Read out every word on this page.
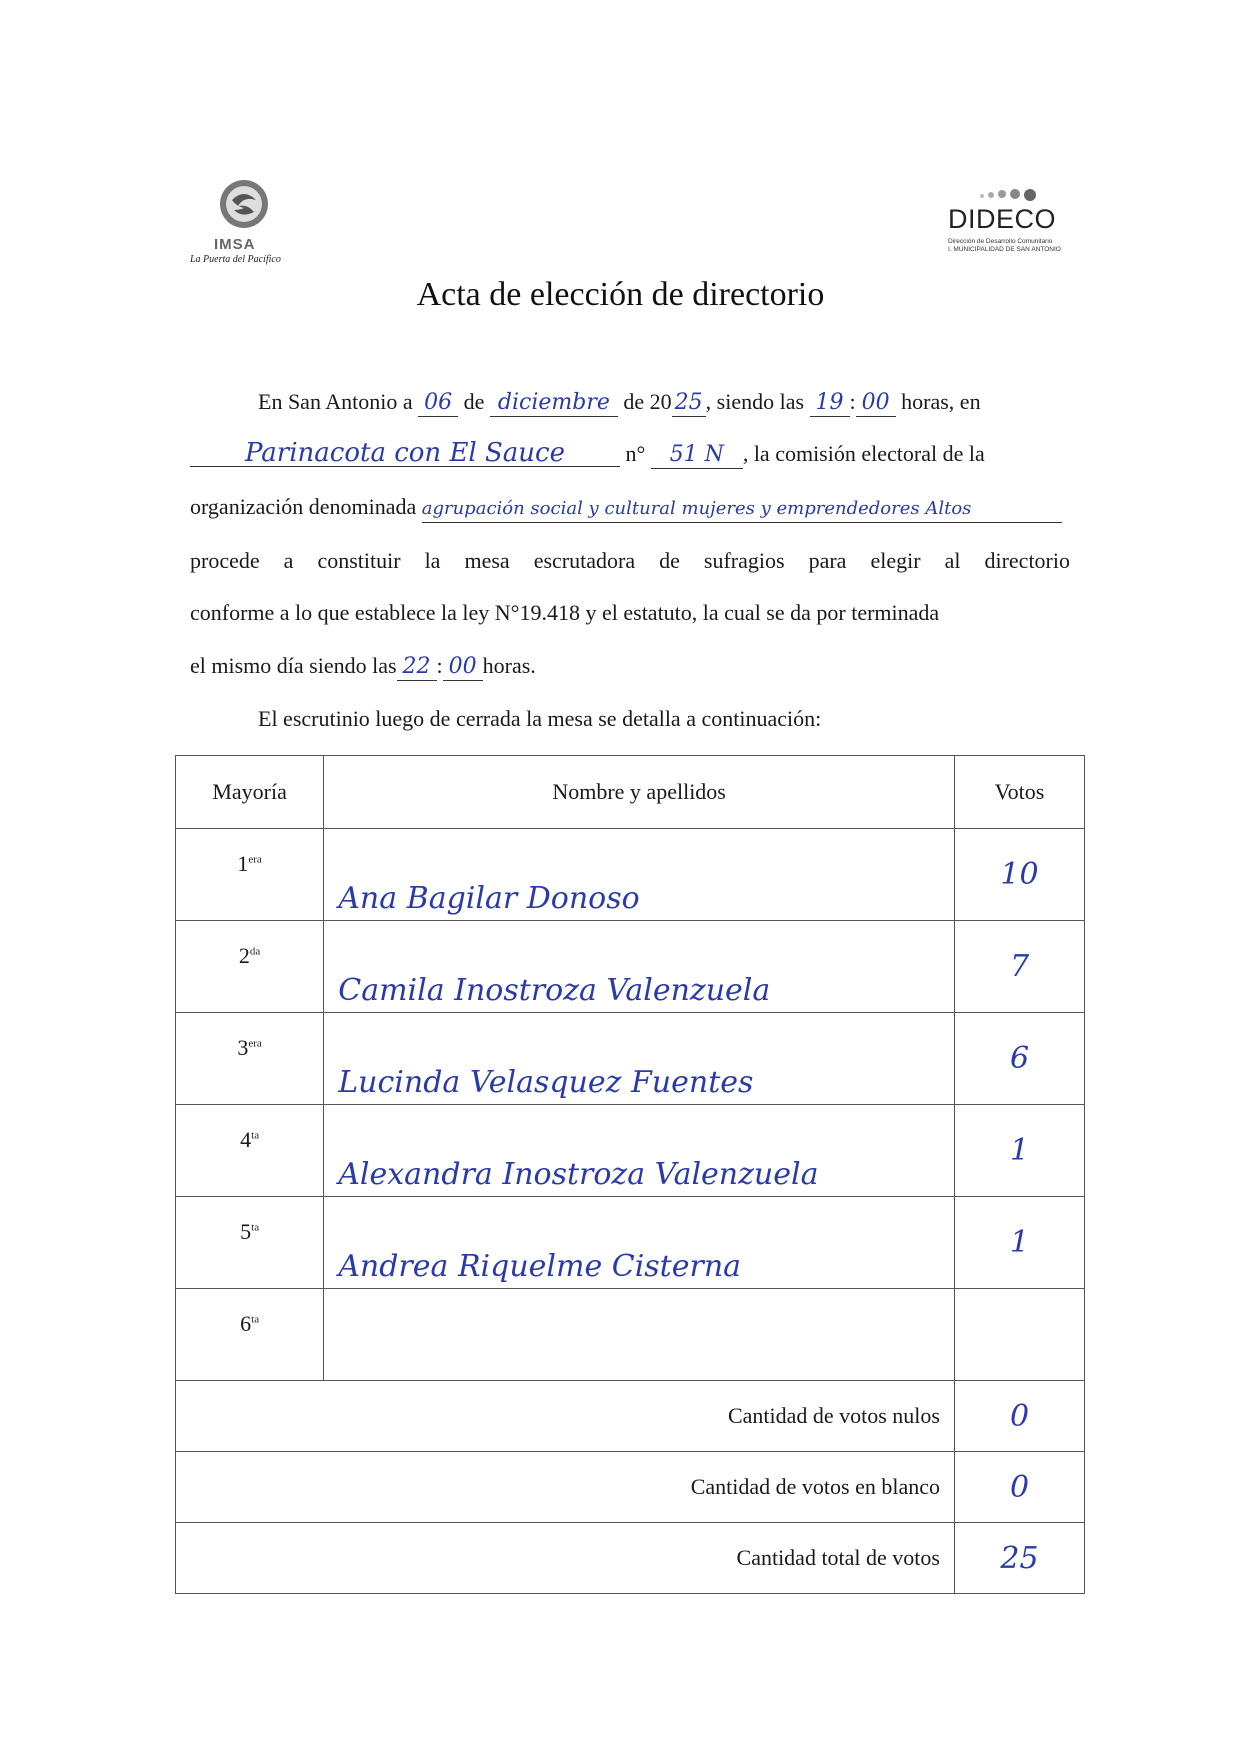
IMSA
La Puerta del Pacífico
DIDECO
Dirección de Desarrollo Comunitario
I. MUNICIPALIDAD DE SAN ANTONIO
Acta de elección de directorio
En San Antonio a 06 de diciembre de 20 25 , siendo las 19 : 00 horas, en
Parinacota con El Sauce	n° 51 N , la comisión electoral de la
organización denominada agrupación social y cultural mujeres y emprendedores Altos
procede a constituir la mesa escrutadora de sufragios para elegir al directorio
conforme a lo que establece la ley N°19.418 y el estatuto, la cual se da por terminada
el mismo día siendo las 22 : 00 horas.
El escrutinio luego de cerrada la mesa se detalla a continuación:
Mayoría	Nombre y apellidos	Votos
$1^{era}$	Ana Bagilar Donoso	10
$2^{da}$	Camila Inostroza Valenzuela	7
$3^{era}$	Lucinda Velasquez Fuentes	6
$4^{ta}$	Alexandra Inostroza Valenzuela	1
$5^{ta}$	Andrea Riquelme Cisterna	1
$6^{ta}$		
Cantidad de votos nulos		0
Cantidad de votos en blanco		0
Cantidad total de votos		25
